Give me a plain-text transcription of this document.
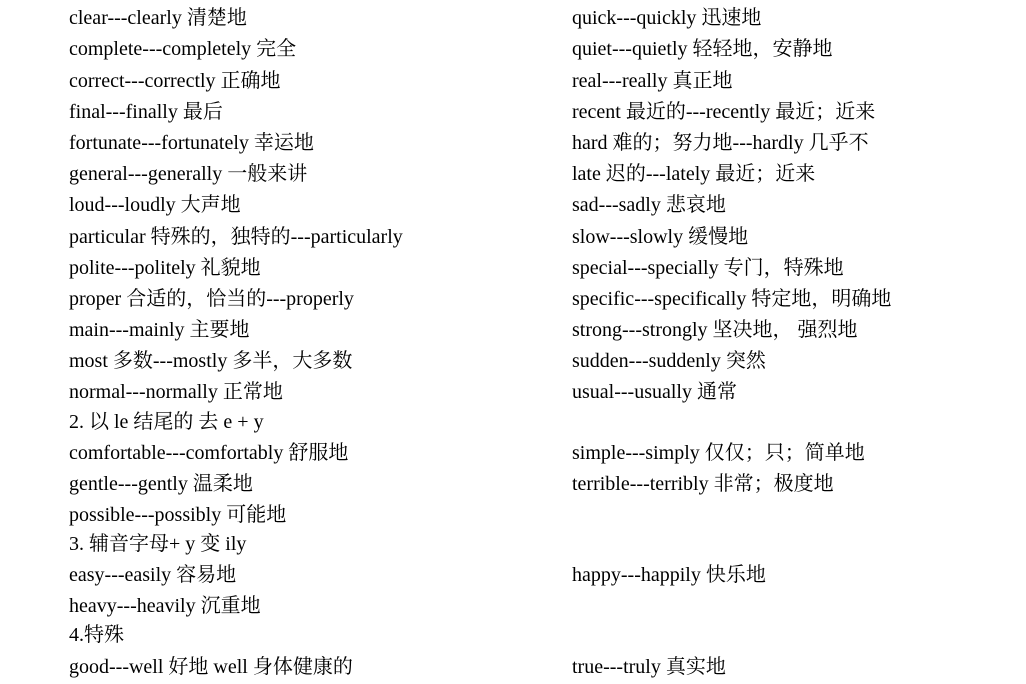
clear---clearly 清楚地	quick---quickly 迅速地
complete---completely 完全	quiet---quietly 轻轻地，安静地
correct---correctly 正确地	real---really 真正地
final---finally 最后	recent 最近的---recently 最近；近来
fortunate---fortunately 幸运地	hard 难的；努力地---hardly 几乎不
general---generally 一般来讲	late 迟的---lately 最近；近来
loud---loudly 大声地	sad---sadly 悲哀地
particular 特殊的，独特的---particularly	slow---slowly 缓慢地
polite---politely 礼貌地	special---specially 专门，特殊地
proper 合适的，恰当的---properly	specific---specifically 特定地，明确地
main---mainly 主要地	strong---strongly 坚决地， 强烈地
most 多数---mostly 多半，大多数	sudden---suddenly 突然
normal---normally 正常地	usual---usually 通常
2. 以 le 结尾的 去 e + y
comfortable---comfortably 舒服地	simple---simply 仅仅；只；简单地
gentle---gently 温柔地	terrible---terribly 非常；极度地
possible---possibly 可能地
3. 辅音字母+ y 变 ily
easy---easily 容易地	happy---happily 快乐地
heavy---heavily 沉重地
4.特殊
good---well 好地 well 身体健康的	true---truly 真实地
